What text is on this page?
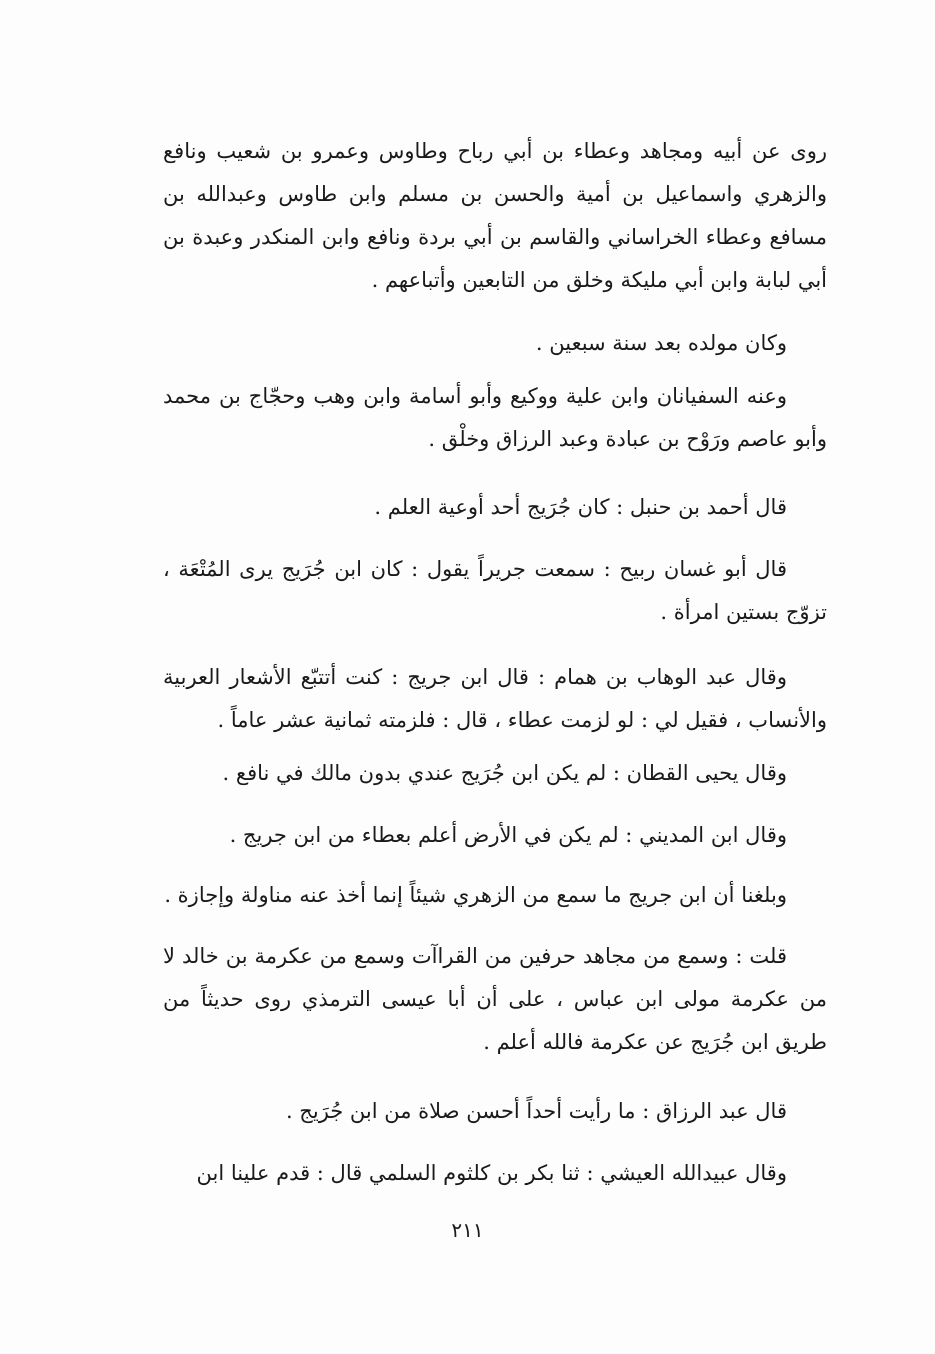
روى عن أبيه ومجاهد وعطاء بن أبي رباح وطاوس وعمرو بن شعيب ونافع والزهري واسماعيل بن أمية والحسن بن مسلم وابن طاوس وعبدالله بن مسافع وعطاء الخراساني والقاسم بن أبي بردة ونافع وابن المنكدر وعبدة بن أبي لبابة وابن أبي مليكة وخلق من التابعين وأتباعهم .

وكان مولده بعد سنة سبعين .

وعنه السفيانان وابن علية ووكيع وأبو أسامة وابن وهب وحجّاج بن محمد وأبو عاصم ورَوْح بن عبادة وعبد الرزاق وخلْق .

قال أحمد بن حنبل : كان جُرَيج أحد أوعية العلم .

قال أبو غسان ربيح : سمعت جريراً يقول : كان ابن جُرَيج يرى المُتْعَة ، تزوّج بستين امرأة .

وقال عبد الوهاب بن همام : قال ابن جريج : كنت أتتبّع الأشعار العربية والأنساب ، فقيل لي : لو لزمت عطاء ، قال : فلزمته ثمانية عشر عاماً .

وقال يحيى القطان : لم يكن ابن جُرَيج عندي بدون مالك في نافع .

وقال ابن المديني : لم يكن في الأرض أعلم بعطاء من ابن جريج .

وبلغنا أن ابن جريج ما سمع من الزهري شيئاً إنما أخذ عنه مناولة وإجازة .

قلت : وسمع من مجاهد حرفين من القراآت وسمع من عكرمة بن خالد لا من عكرمة مولى ابن عباس ، على أن أبا عيسى الترمذي روى حديثاً من طريق ابن جُرَيج عن عكرمة فالله أعلم .

قال عبد الرزاق : ما رأيت أحداً أحسن صلاة من ابن جُرَيج .

وقال عبيدالله العيشي : ثنا بكر بن كلثوم السلمي قال : قدم علينا ابن

٢١١
